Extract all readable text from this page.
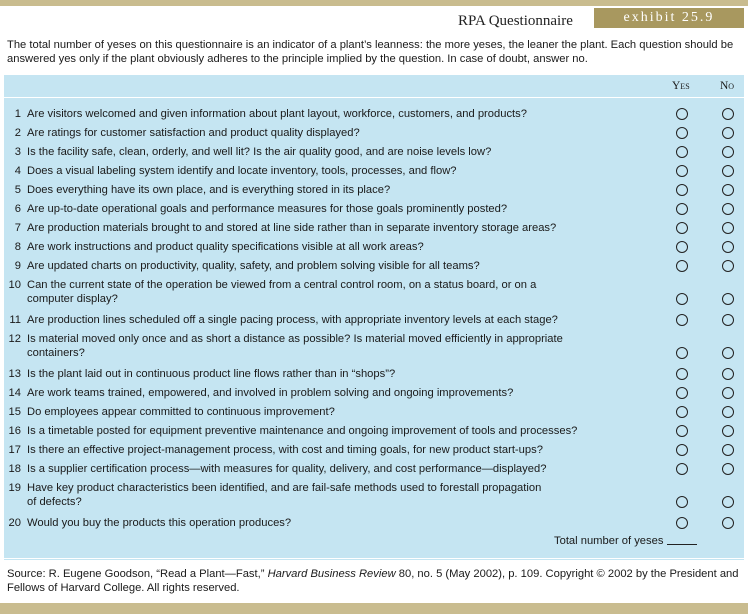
RPA Questionnaire	exhibit 25.9
The total number of yeses on this questionnaire is an indicator of a plant’s leanness: the more yeses, the leaner the plant. Each question should be answered yes only if the plant obviously adheres to the principle implied by the question. In case of doubt, answer no.
Yes	No
1 Are visitors welcomed and given information about plant layout, workforce, customers, and products?
2 Are ratings for customer satisfaction and product quality displayed?
3 Is the facility safe, clean, orderly, and well lit? Is the air quality good, and are noise levels low?
4 Does a visual labeling system identify and locate inventory, tools, processes, and flow?
5 Does everything have its own place, and is everything stored in its place?
6 Are up-to-date operational goals and performance measures for those goals prominently posted?
7 Are production materials brought to and stored at line side rather than in separate inventory storage areas?
8 Are work instructions and product quality specifications visible at all work areas?
9 Are updated charts on productivity, quality, safety, and problem solving visible for all teams?
10 Can the current state of the operation be viewed from a central control room, on a status board, or on a
computer display?
11 Are production lines scheduled off a single pacing process, with appropriate inventory levels at each stage?
12 Is material moved only once and as short a distance as possible? Is material moved efficiently in appropriate
containers?
13 Is the plant laid out in continuous product line flows rather than in “shops”?
14 Are work teams trained, empowered, and involved in problem solving and ongoing improvements?
15 Do employees appear committed to continuous improvement?
16 Is a timetable posted for equipment preventive maintenance and ongoing improvement of tools and processes?
17 Is there an effective project-management process, with cost and timing goals, for new product start-ups?
18 Is a supplier certification process—with measures for quality, delivery, and cost performance—displayed?
19 Have key product characteristics been identified, and are fail-safe methods used to forestall propagation
of defects?
20 Would you buy the products this operation produces?
Total number of yeses
Source: R. Eugene Goodson, “Read a Plant—Fast,” Harvard Business Review 80, no. 5 (May 2002), p. 109. Copyright © 2002 by the President and Fellows of Harvard College. All rights reserved.
